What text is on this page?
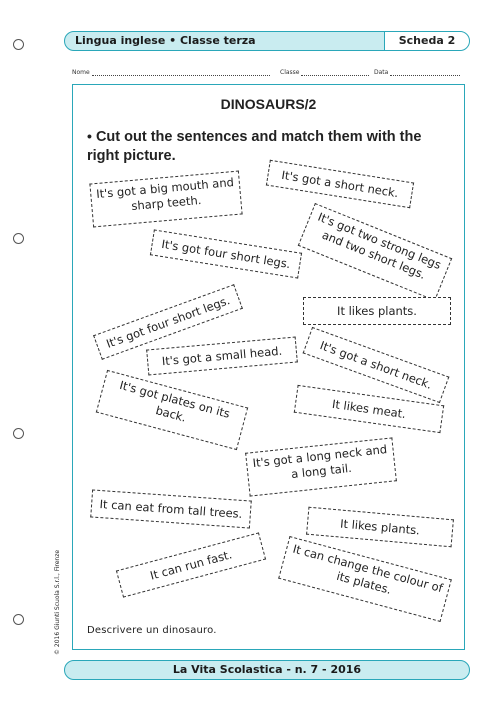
Lingua inglese • Classe terza	Scheda 2
Nome	Classe	Data
DINOSAURS/2
• Cut out the sentences and match them with the right picture.
It's got a big mouth and sharp teeth.
It's got a short neck.
It's got four short legs.	It's got two strong legs and two short legs.
It's got four short legs.	It likes plants.
It's got a small head.	It's got a short neck.
It's got plates on its back.	It likes meat.
It's got a long neck and a long tail.
It can eat from tall trees.
It likes plants.
It can run fast.	It can change the colour of its plates.
Descrivere un dinosauro.
© 2016 Giunti Scuola S.r.l., Firenze
La Vita Scolastica - n. 7 - 2016
